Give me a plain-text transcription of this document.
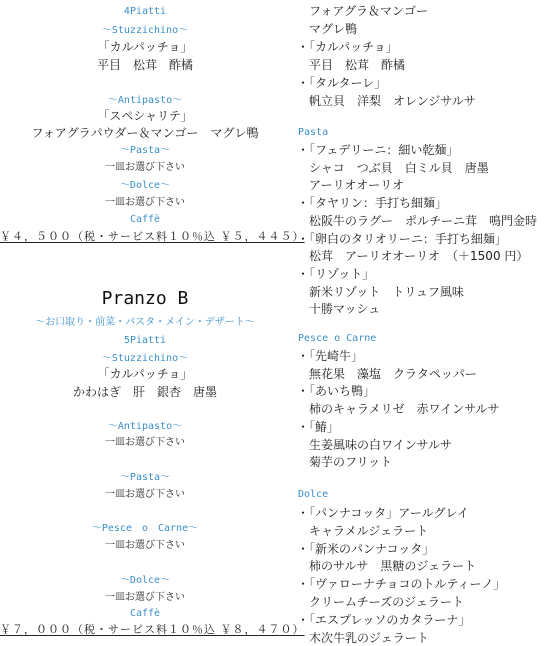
4Piatti
～Stuzzichino～
「カルパッチョ」
平目　松茸　酢橘
～Antipasto～
「スペシャリテ」
フォアグラパウダー＆マンゴー　マグレ鴨
～Pasta～
一皿お選び下さい
～Dolce～
一皿お選び下さい
Caffè
￥４，５００（税・サービス料１０％込 ￥５，４４５）
Pranzo B
～お口取り・前菜・パスタ・メイン・デザート～
5Piatti
～Stuzzichino～
「カルパッチョ」
かわはぎ　肝　銀杏　唐墨
～Antipasto～
一皿お選び下さい
～Pasta～
一皿お選び下さい
～Pesce　o　Carne～
一皿お選び下さい
～Dolce～
一皿お選び下さい
Caffè
￥７，０００（税・サービス料１０％込 ￥８，４７０）
フォアグラ＆マンゴー
マグレ鴨
・「カルパッチョ」
平目　松茸　酢橘
・「タルターレ」
帆立貝　洋梨　オレンジサルサ
Pasta
・「フェデリーニ：細い乾麺」
シャコ　つぶ貝　白ミル貝　唐墨
アーリオオーリオ
・「タヤリン：手打ち細麺」
松阪牛のラグー　ポルチーニ茸　鳴門金時
・「卵白のタリオリーニ：手打ち細麺」
松茸　アーリオオーリオ　（＋1500 円）
・「リゾット」
新米リゾット　トリュフ風味
十勝マッシュ
Pesce o Carne
・「先崎牛」
無花果　藻塩　クラタペッパー
・「あいち鴨」
柿のキャラメリゼ　赤ワインサルサ
・「鰆」
生姜風味の白ワインサルサ
菊芋のフリット
Dolce
・「パンナコッタ」アールグレイ
キャラメルジェラート
・「新米のパンナコッタ」
柿のサルサ　黒糖のジェラート
・「ヴァローナチョコのトルティーノ」
クリームチーズのジェラート
・「エスプレッソのカタラーナ」
木次牛乳のジェラート
